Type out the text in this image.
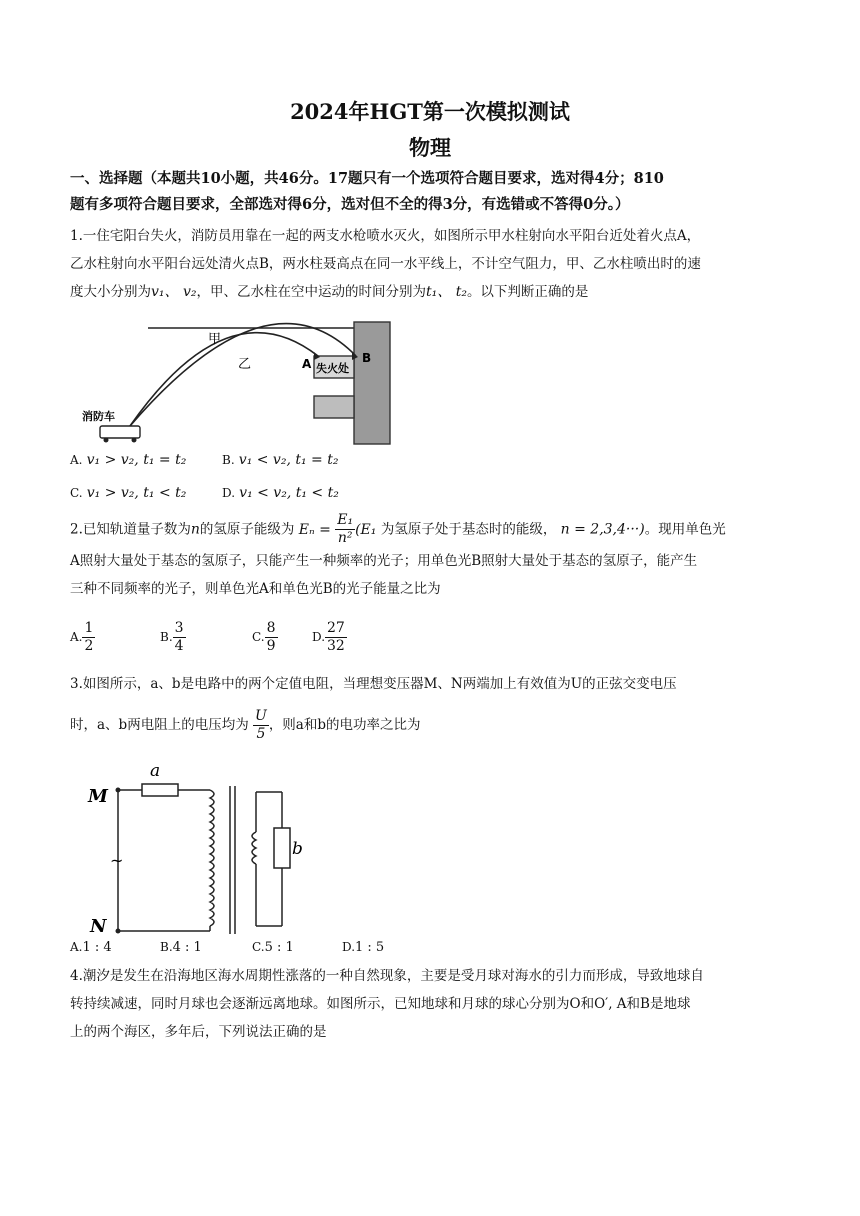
2024年HGT第一次模拟测试
物理
一、选择题（本题共10小题，共46分。17题只有一个选项符合题目要求，选对得4分；810
题有多项符合题目要求，全部选对得6分，选对但不全的得3分，有选错或不答得0分。）
1.一住宅阳台失火，消防员用靠在一起的两支水枪喷水灭火，如图所示甲水柱射向水平阳台近处着火点A，
乙水柱射向水平阳台远处清火点B，两水柱聂高点在同一水平线上，不计空气阻力，甲、乙水柱喷出时的速
度大小分别为v₁、 v₂，甲、乙水柱在空中运动的时间分别为t₁、 t₂。以下判断正确的是
甲
乙	A	B
失火处
消防车
A. v₁ > v₂, t₁ = t₂	B. v₁ < v₂, t₁ = t₂
C. v₁ > v₂, t₁ < t₂	D. v₁ < v₂, t₁ < t₂
2.已知轨道量子数为n的氢原子能级为 $E_n = \frac{\text{E₁}}{\text{n²}} (E_1$ 为氢原子处于基态时的能级， n = 2,3,4···)。现用单色光
A照射大量处于基态的氢原子，只能产生一种频率的光子；用单色光B照射大量处于基态的氢原子，能产生
三种不同频率的光子，则单色光A和单色光B的光子能量之比为
A. $\frac{1}{2}$	B. $\frac{3}{4}$	C. $\frac{8}{9}$	D. $\frac{27}{32}$
3.如图所示，a、b是电路中的两个定值电阻，当理想变压器M、N两端加上有效值为U的正弦交变电压
时，a、b两电阻上的电压均为 $\frac{U}{5}$ ，则a和b的电功率之比为
M
N
a
b
~
A.1 : 4	B.4 : 1	C.5 : 1	D.1 : 5
4.潮汐是发生在沿海地区海水周期性涨落的一种自然现象，主要是受月球对海水的引力而形成，导致地球自
转持续减速，同时月球也会逐渐远离地球。如图所示，已知地球和月球的球心分别为O和O′, A和B是地球
上的两个海区，多年后，下列说法正确的是
